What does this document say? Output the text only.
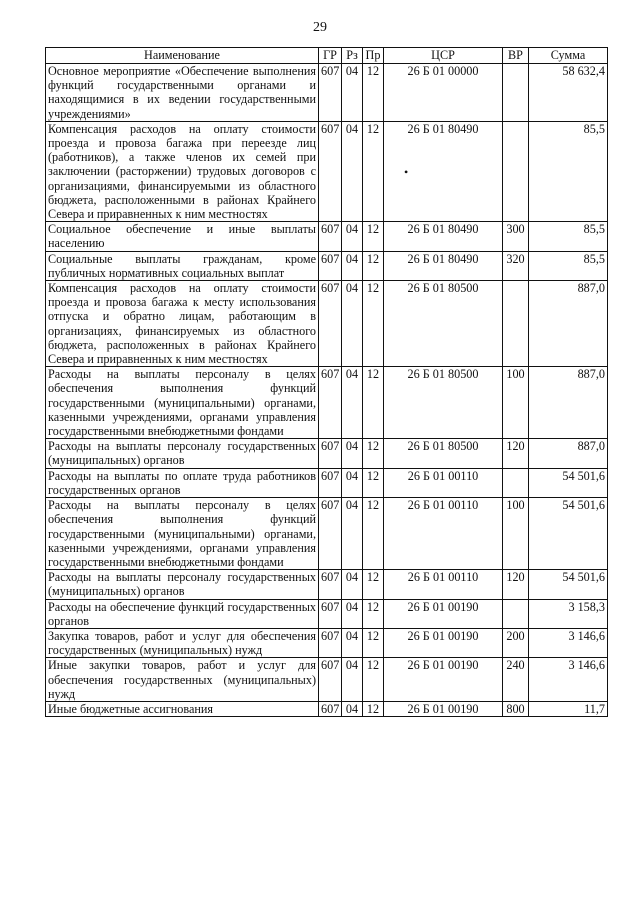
29
Наименование	ГР	Рз	Пр	ЦСР	ВР	Сумма
Основное мероприятие «Обеспечение выполнения функций государственными органами и находящимися в их ведении государственными учреждениями»	607	04	12	26 Б 01 00000		58 632,4
Компенсация расходов на оплату стоимости проезда и провоза багажа при переезде лиц (работников), а также членов их семей при заключении (расторжении) трудовых договоров с организациями, финансируемыми из областного бюджета, расположенными в районах Крайнего Севера и приравненных к ним местностях	607	04	12	26 Б 01 80490		85,5
Социальное обеспечение и иные выплаты населению	607	04	12	26 Б 01 80490	300	85,5
Социальные выплаты гражданам, кроме публичных нормативных социальных выплат	607	04	12	26 Б 01 80490	320	85,5
Компенсация расходов на оплату стоимости проезда и провоза багажа к месту использования отпуска и обратно лицам, работающим в организациях, финансируемых из областного бюджета, расположенных в районах Крайнего Севера и приравненных к ним местностях	607	04	12	26 Б 01 80500		887,0
Расходы на выплаты персоналу в целях обеспечения выполнения функций государственными (муниципальными) органами, казенными учреждениями, органами управления государственными внебюджетными фондами	607	04	12	26 Б 01 80500	100	887,0
Расходы на выплаты персоналу государственных (муниципальных) органов	607	04	12	26 Б 01 80500	120	887,0
Расходы на выплаты по оплате труда работников государственных органов	607	04	12	26 Б 01 00110		54 501,6
Расходы на выплаты персоналу в целях обеспечения выполнения функций государственными (муниципальными) органами, казенными учреждениями, органами управления государственными внебюджетными фондами	607	04	12	26 Б 01 00110	100	54 501,6
Расходы на выплаты персоналу государственных (муниципальных) органов	607	04	12	26 Б 01 00110	120	54 501,6
Расходы на обеспечение функций государственных органов	607	04	12	26 Б 01 00190		3 158,3
Закупка товаров, работ и услуг для обеспечения государственных (муниципальных) нужд	607	04	12	26 Б 01 00190	200	3 146,6
Иные закупки товаров, работ и услуг для обеспечения государственных (муниципальных) нужд	607	04	12	26 Б 01 00190	240	3 146,6
Иные бюджетные ассигнования	607	04	12	26 Б 01 00190	800	11,7
•
